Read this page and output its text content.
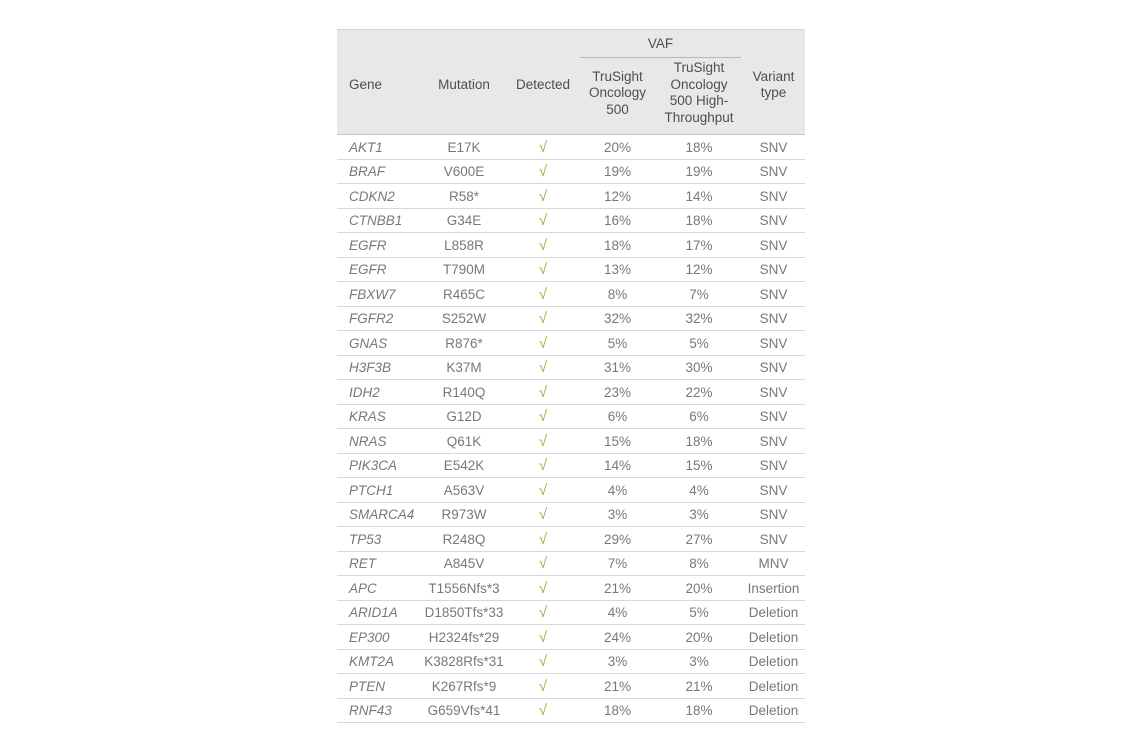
Gene	Mutation	Detected	VAF		Variant type
			TruSight Oncology 500	TruSight Oncology 500 High-Throughput	
AKT1	E17K	√	20%	18%	SNV
BRAF	V600E	√	19%	19%	SNV
CDKN2	R58*	√	12%	14%	SNV
CTNBB1	G34E	√	16%	18%	SNV
EGFR	L858R	√	18%	17%	SNV
EGFR	T790M	√	13%	12%	SNV
FBXW7	R465C	√	8%	7%	SNV
FGFR2	S252W	√	32%	32%	SNV
GNAS	R876*	√	5%	5%	SNV
H3F3B	K37M	√	31%	30%	SNV
IDH2	R140Q	√	23%	22%	SNV
KRAS	G12D	√	6%	6%	SNV
NRAS	Q61K	√	15%	18%	SNV
PIK3CA	E542K	√	14%	15%	SNV
PTCH1	A563V	√	4%	4%	SNV
SMARCA4	R973W	√	3%	3%	SNV
TP53	R248Q	√	29%	27%	SNV
RET	A845V	√	7%	8%	MNV
APC	T1556Nfs*3	√	21%	20%	Insertion
ARID1A	D1850Tfs*33	√	4%	5%	Deletion
EP300	H2324fs*29	√	24%	20%	Deletion
KMT2A	K3828Rfs*31	√	3%	3%	Deletion
PTEN	K267Rfs*9	√	21%	21%	Deletion
RNF43	G659Vfs*41	√	18%	18%	Deletion
